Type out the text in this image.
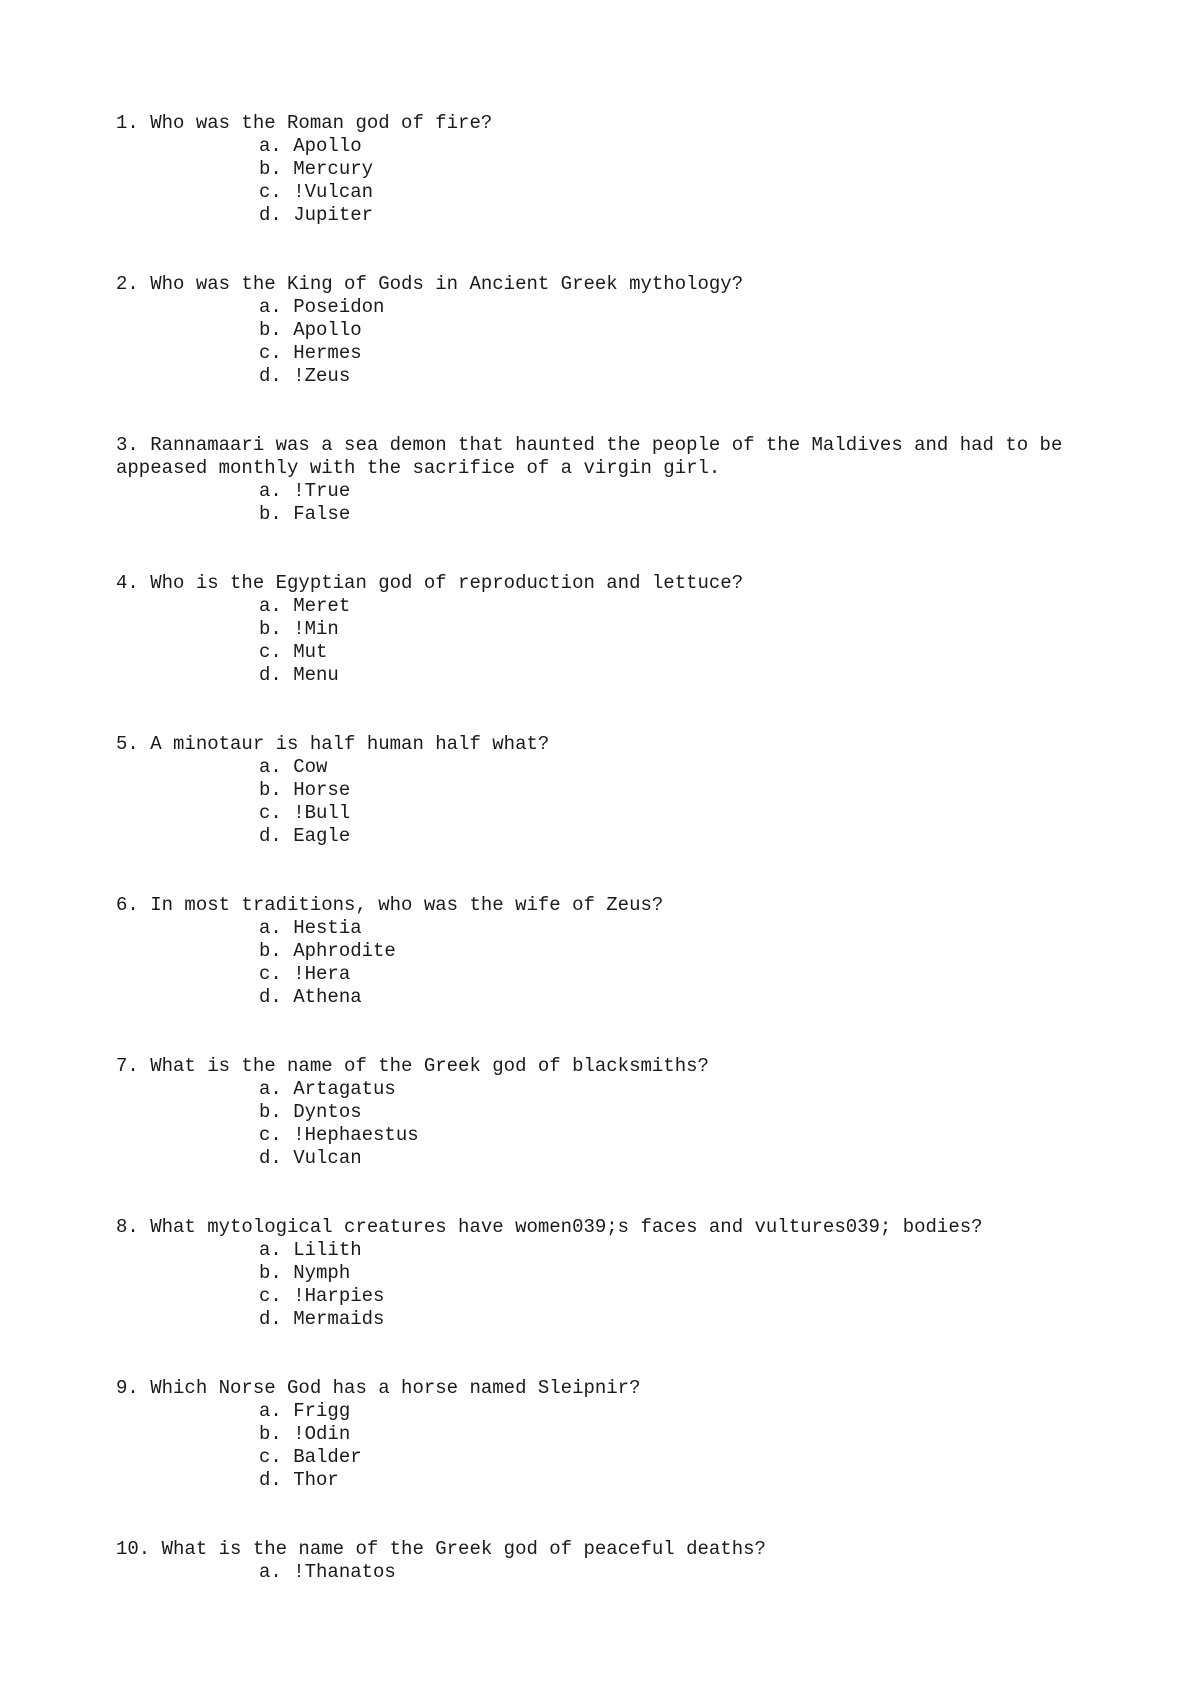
1. Who was the Roman god of fire?
a. Apollo
b. Mercury
c. !Vulcan
d. Jupiter
2. Who was the King of Gods in Ancient Greek mythology?
a. Poseidon
b. Apollo
c. Hermes
d. !Zeus
3. Rannamaari was a sea demon that haunted the people of the Maldives and had to be appeased monthly with the sacrifice of a virgin girl.
a. !True
b. False
4. Who is the Egyptian god of reproduction and lettuce?
a. Meret
b. !Min
c. Mut
d. Menu
5. A minotaur is half human half what?
a. Cow
b. Horse
c. !Bull
d. Eagle
6. In most traditions, who was the wife of Zeus?
a. Hestia
b. Aphrodite
c. !Hera
d. Athena
7. What is the name of the Greek god of blacksmiths?
a. Artagatus
b. Dyntos
c. !Hephaestus
d. Vulcan
8. What mytological creatures have women039;s faces and vultures039; bodies?
a. Lilith
b. Nymph
c. !Harpies
d. Mermaids
9. Which Norse God has a horse named Sleipnir?
a. Frigg
b. !Odin
c. Balder
d. Thor
10. What is the name of the Greek god of peaceful deaths?
a. !Thanatos
